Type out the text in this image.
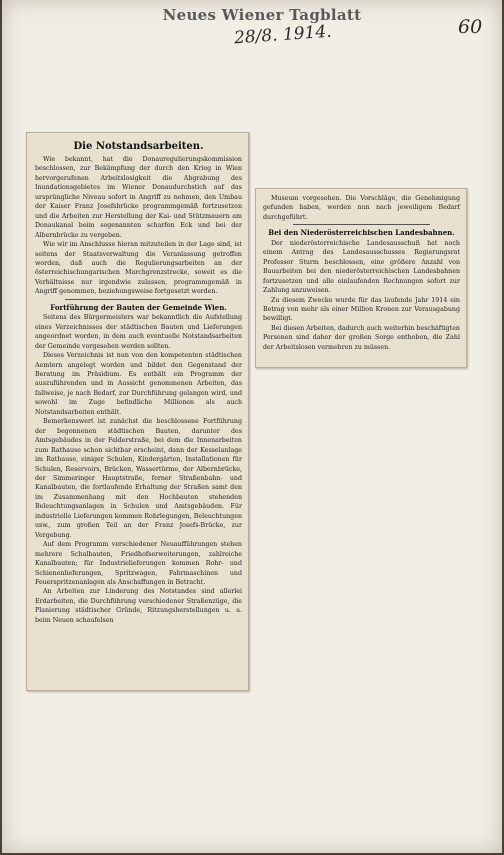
Neues Wiener Tagblatt
28/8. 1914.	60
Die Notstandsarbeiten.

Wie bekannt, hat die Donauregulierungskommission beschlossen, zur Bekämpfung der durch den Krieg in Wien hervorgerufenen Arbeitslosigkeit die Abgrabung des Inundationsgebietes im Wiener Donaudurchstich auf das ursprüngliche Niveau sofort in Angriff zu nehmen, den Umbau der Kaiser Franz Josefsbrücke programmgemäß fortzusetzen und die Arbeiten zur Herstellung der Kai- und Stützmauern am Donaukanal beim sogenannten scharfen Eck und bei der Albernbrücke zu vergeben.

Wie wir im Anschlusse hieran mitzuteilen in der Lage sind, ist seitens der Staatsverwaltung die Veranlassung getroffen worden, daß auch die Regulierungsarbeiten an der österreichischungarischen Marchgrenzstrecke, soweit es die Verhältnisse nur irgendwie zulassen, programmgemäß in Angriff genommen, beziehungsweise fortgesetzt werden.

Fortführung der Bauten der Gemeinde Wien.

Seitens des Bürgermeisters war bekanntlich die Aufstellung eines Verzeichnisses der städtischen Bauten und Lieferungen angeordnet worden, in dem auch eventuelle Notstandsarbeiten der Gemeinde vorgesehen werden sollten.

Dieses Verzeichnis ist nun von den kompetenten städtischen Aemtern angelegt worden und bildet den Gegenstand der Beratung im Präsidium. Es enthält ein Programm der auszuführenden und in Aussicht genommenen Arbeiten, das fallweise, je nach Bedarf, zur Durchführung gelangen wird, und sowohl im Zuge befindliche Millionen als auch Notstandsarbeiten enthält.

Bemerkenswert ist zunächst die beschlossene Fortführung der begonnenen städtischen Bauten, darunter des Amtsgebäudes in der Felderstraße, bei dem die Innenarbeiten zum Rathause schon sichtbar erscheint, dann der Kesselanlage im Rathause, einiger Schulen, Kindergärten, Installationen für Schulen, Reservoirs, Brücken, Wassertürme, der Albernbrücke, der Simmeringer Hauptstraße, ferner Straßenbahn- und Kanalbauten, die fortlaufende Erhaltung der Straßen samt den im Zusammenhang mit den Hochbauten stehenden Beleuchtungsanlagen in Schulen und Amtsgebäuden. Für industrielle Lieferungen kommen Rohrlegungen, Beleuchtungen usw., zum großen Teil an der Franz Josefs-Brücke, zur Vergebung.

Auf dem Programm verschiedener Neuaufführungen stehen mehrere Schulbauten, Friedhofserweiterungen, zahlreiche Kanalbauten; für Industrielieferungen kommen Rohr- und Schienenlieferungen, Spritzwagen, Fahrmaschinen und Feuerspritzenanlagen als Anschaffungen in Betracht.

An Arbeiten zur Linderung des Notstandes sind allerlei Erdarbeiten, die Durchführung verschiedener Straßenzüge, die Planierung städtischer Gründe, Ritzungsherstellungen u. a. beim Neuen schaufelsen

Museum vorgesehen. Die Vorschläge, die Genehmigung gefunden haben, werden nun nach jeweiligem Bedarf durchgeführt.

Bei den Niederösterreichischen Landesbahnen.

Der niederösterreichische Landesausschuß hat noch einem Antrag des Landesausschusses Regierungsrat Professor Sturm beschlossen, eine größere Anzahl von Bauarbeiten bei den niederösterreichischen Landesbahnen fortzusetzen und alle einlaufenden Rechnungen sofort zur Zahlung anzuweisen.

Zu diesem Zwecke wurde für das laufende Jahr 1914 ein Betrag von mehr als einer Million Kronen zur Verausgabung bewilligt.

Bei diesen Arbeiten, dadurch auch weiterhin beschäftigten Personen sind daher der großen Sorge enthoben, die Zahl der Arbeitslosen vermehren zu müssen.
